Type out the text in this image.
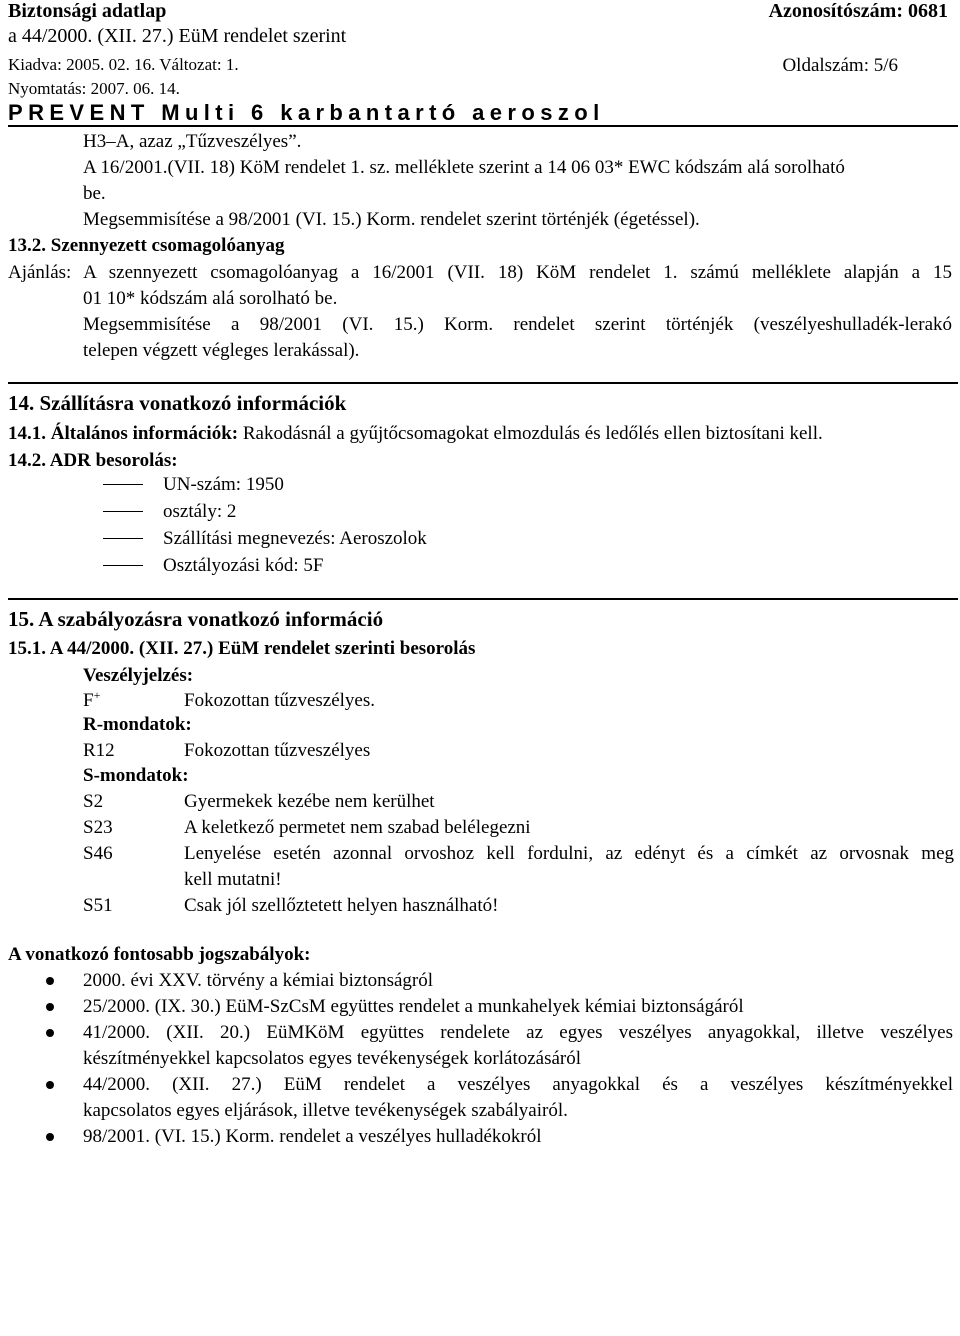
Biztonsági adatlap	Azonosítószám: 0681
a 44/2000. (XII. 27.) EüM rendelet szerint
Kiadva: 2005. 02. 16. Változat: 1.	Oldalszám: 5/6
Nyomtatás: 2007. 06. 14.
PREVENT Multi 6 karbantartó aeroszol
H3–A, azaz „Tűzveszélyes”.
A 16/2001.(VII. 18) KöM rendelet 1. sz. melléklete szerint a 14 06 03* EWC kódszám alá sorolható
be.
Megsemmisítése a 98/2001 (VI. 15.) Korm. rendelet szerint történjék (égetéssel).
13.2. Szennyezett csomagolóanyag
Ajánlás: A szennyezett csomagolóanyag a 16/2001 (VII. 18) KöM rendelet 1. számú melléklete alapján a 15
01 10* kódszám alá sorolható be.
Megsemmisítése a 98/2001 (VI. 15.) Korm. rendelet szerint történjék (veszélyeshulladék-lerakó
telepen végzett végleges lerakással).
14. Szállításra vonatkozó információk
14.1. Általános információk: Rakodásnál a gyűjtőcsomagokat elmozdulás és ledőlés ellen biztosítani kell.
14.2. ADR besorolás:
UN-szám: 1950
osztály: 2
Szállítási megnevezés: Aeroszolok
Osztályozási kód: 5F
15. A szabályozásra vonatkozó információ
15.1. A 44/2000. (XII. 27.) EüM rendelet szerinti besorolás
Veszélyjelzés:
F+	Fokozottan tűzveszélyes.
R-mondatok:
R12	Fokozottan tűzveszélyes
S-mondatok:
S2	Gyermekek kezébe nem kerülhet
S23	A keletkező permetet nem szabad belélegezni
S46	Lenyelése esetén azonnal orvoshoz kell fordulni, az edényt és a címkét az orvosnak meg
kell mutatni!
S51	Csak jól szellőztetett helyen használható!
A vonatkozó fontosabb jogszabályok:
2000. évi XXV. törvény a kémiai biztonságról
25/2000. (IX. 30.) EüM-SzCsM együttes rendelet a munkahelyek kémiai biztonságáról
41/2000. (XII. 20.) EüMKöM együttes rendelete az egyes veszélyes anyagokkal, illetve veszélyes
készítményekkel kapcsolatos egyes tevékenységek korlátozásáról
44/2000. (XII. 27.) EüM rendelet a veszélyes anyagokkal és a veszélyes készítményekkel
kapcsolatos egyes eljárások, illetve tevékenységek szabályairól.
98/2001. (VI. 15.) Korm. rendelet a veszélyes hulladékokról
